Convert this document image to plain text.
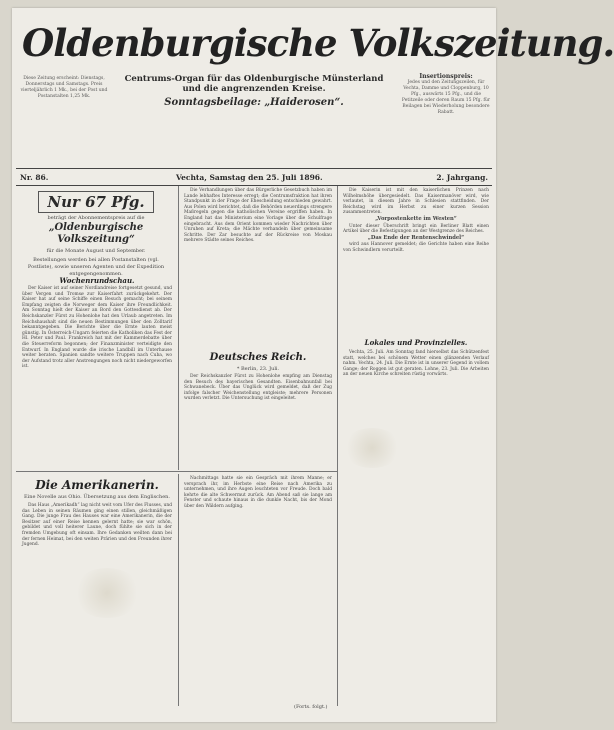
Oldenburgische Volkszeitung.
Diese Zeitung erscheint: Dienstags, Donnerstags und Samstags. Preis vierteljährlich 1 Mk., bei der Post und Postanstalten 1,25 Mk.
Centrums-Organ für das Oldenburgische Münsterland
und die angrenzenden Kreise.
Sonntagsbeilage: „Haiderosen“.
Insertionspreis:
Jedes und den Zeitungszeilen, für Vechta, Damme und Cloppenburg, 10 Pfg., auswärts 15 Pfg., und die Petitzeile oder deren Raum 15 Pfg. für Beilagen bei Wiederholung besondere Rabatt.
Nr. 86.	Vechta, Samstag den 25. Juli 1896.	2. Jahrgang.
Nur 67 Pfg.
beträgt der Abonnementspreis auf die
„Oldenburgische Volkszeitung“
für die Monate August und September.
Bestellungen werden bei allen Postanstalten (vgl. Postliste), sowie unseren Agenten und der Expedition entgegengenommen.
Wochenrundschau.

Der Kaiser ist auf seiner Nordlandreise fortgesetzt gesund, und über Vergen und Tromsø zur Kaiserfahrt zurückgekehrt. Der Kaiser hat auf seine Schiffe einen Besuch gemacht; bei seinem Empfang zeigten die Norweger dem Kaiser ihre Freundlichkeit. Am Sonntag hielt der Kaiser an Bord den Gottesdienst ab. Der Reichskanzler Fürst zu Hohenlohe hat den Urlaub angetreten. Im Reichshaushalt sind die neuen Bestimmungen über den Zolltarif bekanntgegeben. Die Berichte über die Ernte lauten meist günstig. In Österreich-Ungarn feierten die Katholiken das Fest der Hl. Peter und Paul. Frankreich hat mit der Kammerdebatte über die Steuerreform begonnen; der Finanzminister verteidigte den Entwurf. In England wurde die irische Landbill im Unterhause weiter beraten. Spanien sandte weitere Truppen nach Cuba, wo der Aufstand trotz aller Anstrengungen noch nicht niedergeworfen ist.

Die Verhandlungen über das Bürgerliche Gesetzbuch haben im Lande lebhaftes Interesse erregt; die Centrumsfraktion hat ihren Standpunkt in der Frage der Ehescheidung entschieden gewahrt. Aus Polen wird berichtet, daß die Behörden neuerdings strengere Maßregeln gegen die katholischen Vereine ergriffen haben. In England hat das Ministerium eine Vorlage über die Schulfrage eingebracht. Aus dem Orient kommen wieder Nachrichten über Unruhen auf Kreta; die Mächte verhandeln über gemeinsame Schritte. Der Zar besuchte auf der Rückreise von Moskau mehrere Städte seines Reiches.

Deutsches Reich.
* Berlin, 23. Juli.

Der Reichskanzler Fürst zu Hohenlohe empfing am Dienstag den Besuch des bayerischen Gesandten. Eisenbahnunfall bei Schwanebeck. Über das Unglück wird gemeldet, daß der Zug infolge falscher Weichenstellung entgleiste; mehrere Personen wurden verletzt. Die Untersuchung ist eingeleitet.

Die Amerikanerin.
Eine Novelle aus Ohio. Übersetzung aus dem Englischen.

Das Haus „Amerikadh“ lag nicht weit vom Ufer des Flusses, und das Leben in seinen Räumen ging einen stillen, gleichmäßigen Gang. Die junge Frau des Hauses war eine Amerikanerin, die der Besitzer auf einer Reise kennen gelernt hatte; sie war schön, gebildet und voll heiterer Laune, doch fühlte sie sich in der fremden Umgebung oft einsam. Ihre Gedanken weilten dann bei der fernen Heimat, bei den weiten Prärien und den Freunden ihrer Jugend.

Nachmittags hatte sie ein Gespräch mit ihrem Manne; er versprach ihr, im Herbste eine Reise nach Amerika zu unternehmen, und ihre Augen leuchteten vor Freude. Doch bald kehrte die alte Schwermut zurück. Am Abend saß sie lange am Fenster und schaute hinaus in die dunkle Nacht, bis der Mond über den Wäldern aufging.

Die Kaiserin ist mit den kaiserlichen Prinzen nach Wilhelmshöhe übergesiedelt. Das Kaisermanöver wird, wie verlautet, in diesem Jahre in Schlesien stattfinden. Der Reichstag wird im Herbst zu einer kurzen Session zusammentreten.

„Vorpostenkette im Westen“

Unter dieser Überschrift bringt ein Berliner Blatt einen Artikel über die Befestigungen an der Westgrenze des Reiches.

„Das Ende der Rentenschwindel“

wird aus Hannover gemeldet; die Gerichte haben eine Reihe von Schwindlern verurteilt.

Lokales und Provinzielles.

Vechta, 25. Juli. Am Sonntag fand hierselbst das Schützenfest statt, welches bei schönem Wetter einen glänzenden Verlauf nahm. Vechta, 24. Juli. Die Ernte ist in unserer Gegend in vollem Gange; der Roggen ist gut geraten. Lohne, 23. Juli. Die Arbeiten an der neuen Kirche schreiten rüstig vorwärts.

(Forts. folgt.)
